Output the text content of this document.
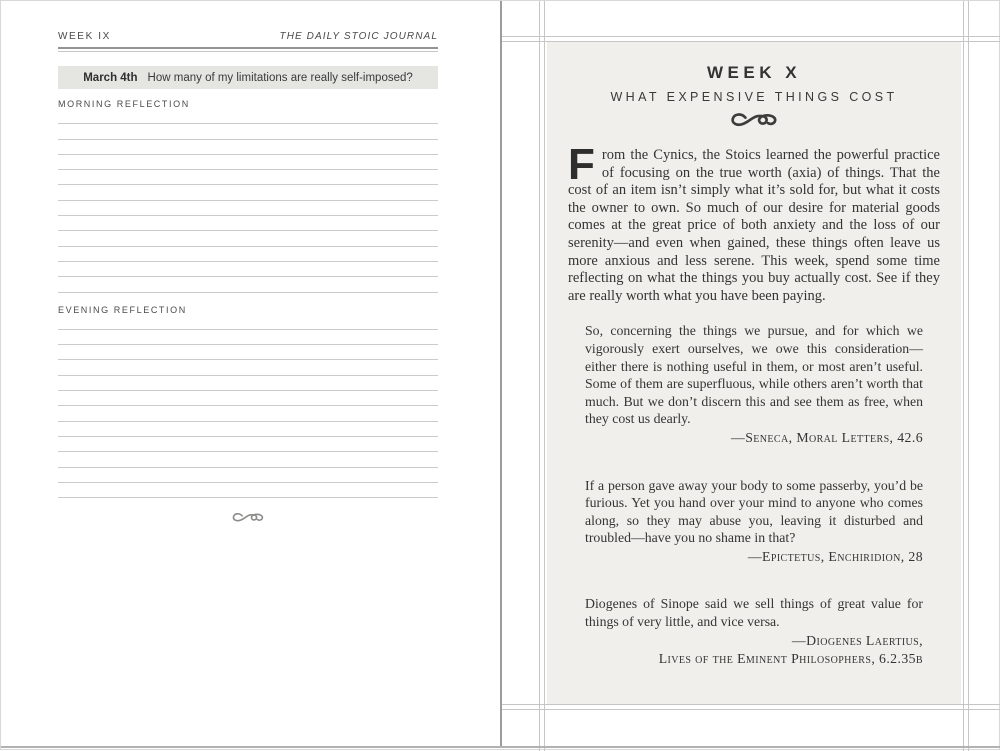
WEEK IX	THE DAILY STOIC JOURNAL
March 4th How many of my limitations are really self-imposed?
MORNING REFLECTION
EVENING REFLECTION
WEEK X
WHAT EXPENSIVE THINGS COST

From the Cynics, the Stoics learned the powerful practice of focusing on the true worth (axia) of things. That the cost of an item isn’t simply what it’s sold for, but what it costs the owner to own. So much of our desire for material goods comes at the great price of both anxiety and the loss of our serenity—and even when gained, these things often leave us more anxious and less serene. This week, spend some time reflecting on what the things you buy actually cost. See if they are really worth what you have been paying.

So, concerning the things we pursue, and for which we vigorously exert ourselves, we owe this consideration—either there is nothing useful in them, or most aren’t useful. Some of them are superfluous, while others aren’t worth that much. But we don’t discern this and see them as free, when they cost us dearly.
—Seneca, Moral Letters, 42.6
If a person gave away your body to some passerby, you’d be furious. Yet you hand over your mind to anyone who comes along, so they may abuse you, leaving it disturbed and troubled—have you no shame in that?
—Epictetus, Enchiridion, 28
Diogenes of Sinope said we sell things of great value for things of very little, and vice versa.
—Diogenes Laertius,
Lives of the Eminent Philosophers, 6.2.35b
